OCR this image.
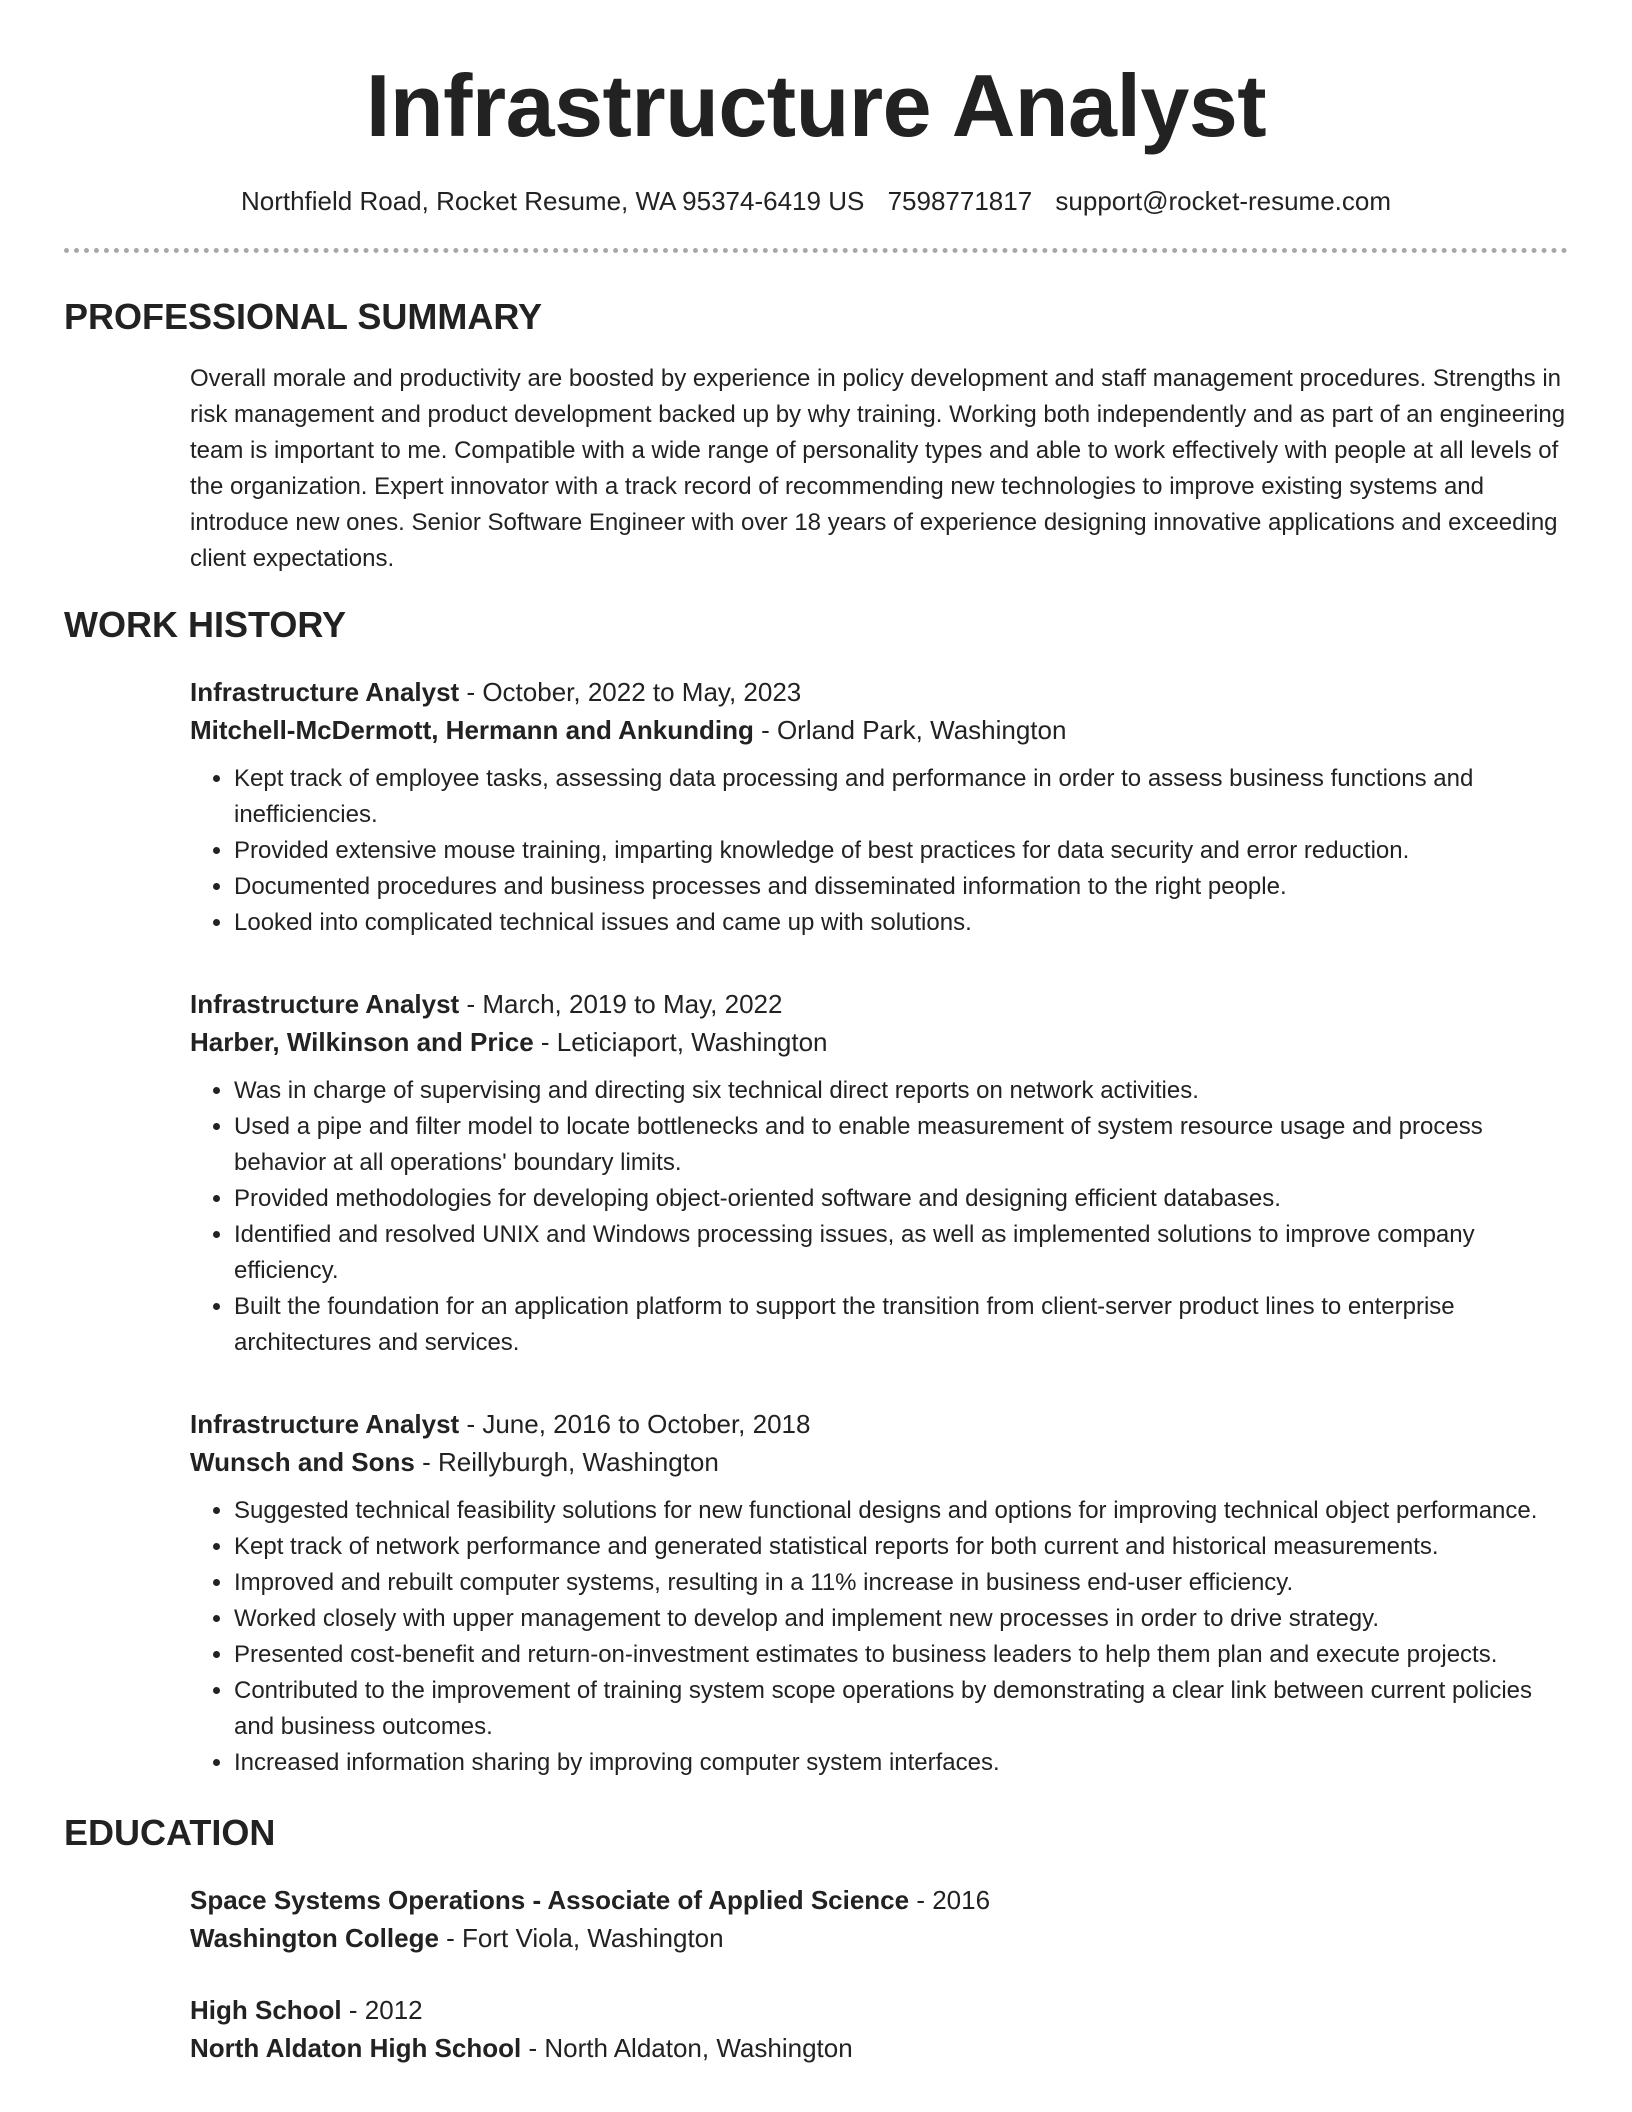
Infrastructure Analyst
Northfield Road, Rocket Resume, WA 95374-6419 US 7598771817 support@rocket-resume.com
PROFESSIONAL SUMMARY
Overall morale and productivity are boosted by experience in policy development and staff management procedures. Strengths in risk management and product development backed up by why training. Working both independently and as part of an engineering team is important to me. Compatible with a wide range of personality types and able to work effectively with people at all levels of the organization. Expert innovator with a track record of recommending new technologies to improve existing systems and introduce new ones. Senior Software Engineer with over 18 years of experience designing innovative applications and exceeding client expectations.
WORK HISTORY
Infrastructure Analyst - October, 2022 to May, 2023
Mitchell-McDermott, Hermann and Ankunding - Orland Park, Washington
• Kept track of employee tasks, assessing data processing and performance in order to assess business functions and inefficiencies.
• Provided extensive mouse training, imparting knowledge of best practices for data security and error reduction.
• Documented procedures and business processes and disseminated information to the right people.
• Looked into complicated technical issues and came up with solutions.
Infrastructure Analyst - March, 2019 to May, 2022
Harber, Wilkinson and Price - Leticiaport, Washington
• Was in charge of supervising and directing six technical direct reports on network activities.
• Used a pipe and filter model to locate bottlenecks and to enable measurement of system resource usage and process behavior at all operations' boundary limits.
• Provided methodologies for developing object-oriented software and designing efficient databases.
• Identified and resolved UNIX and Windows processing issues, as well as implemented solutions to improve company efficiency.
• Built the foundation for an application platform to support the transition from client-server product lines to enterprise architectures and services.
Infrastructure Analyst - June, 2016 to October, 2018
Wunsch and Sons - Reillyburgh, Washington
• Suggested technical feasibility solutions for new functional designs and options for improving technical object performance.
• Kept track of network performance and generated statistical reports for both current and historical measurements.
• Improved and rebuilt computer systems, resulting in a 11% increase in business end-user efficiency.
• Worked closely with upper management to develop and implement new processes in order to drive strategy.
• Presented cost-benefit and return-on-investment estimates to business leaders to help them plan and execute projects.
• Contributed to the improvement of training system scope operations by demonstrating a clear link between current policies and business outcomes.
• Increased information sharing by improving computer system interfaces.
EDUCATION
Space Systems Operations - Associate of Applied Science - 2016
Washington College - Fort Viola, Washington
High School - 2012
North Aldaton High School - North Aldaton, Washington
